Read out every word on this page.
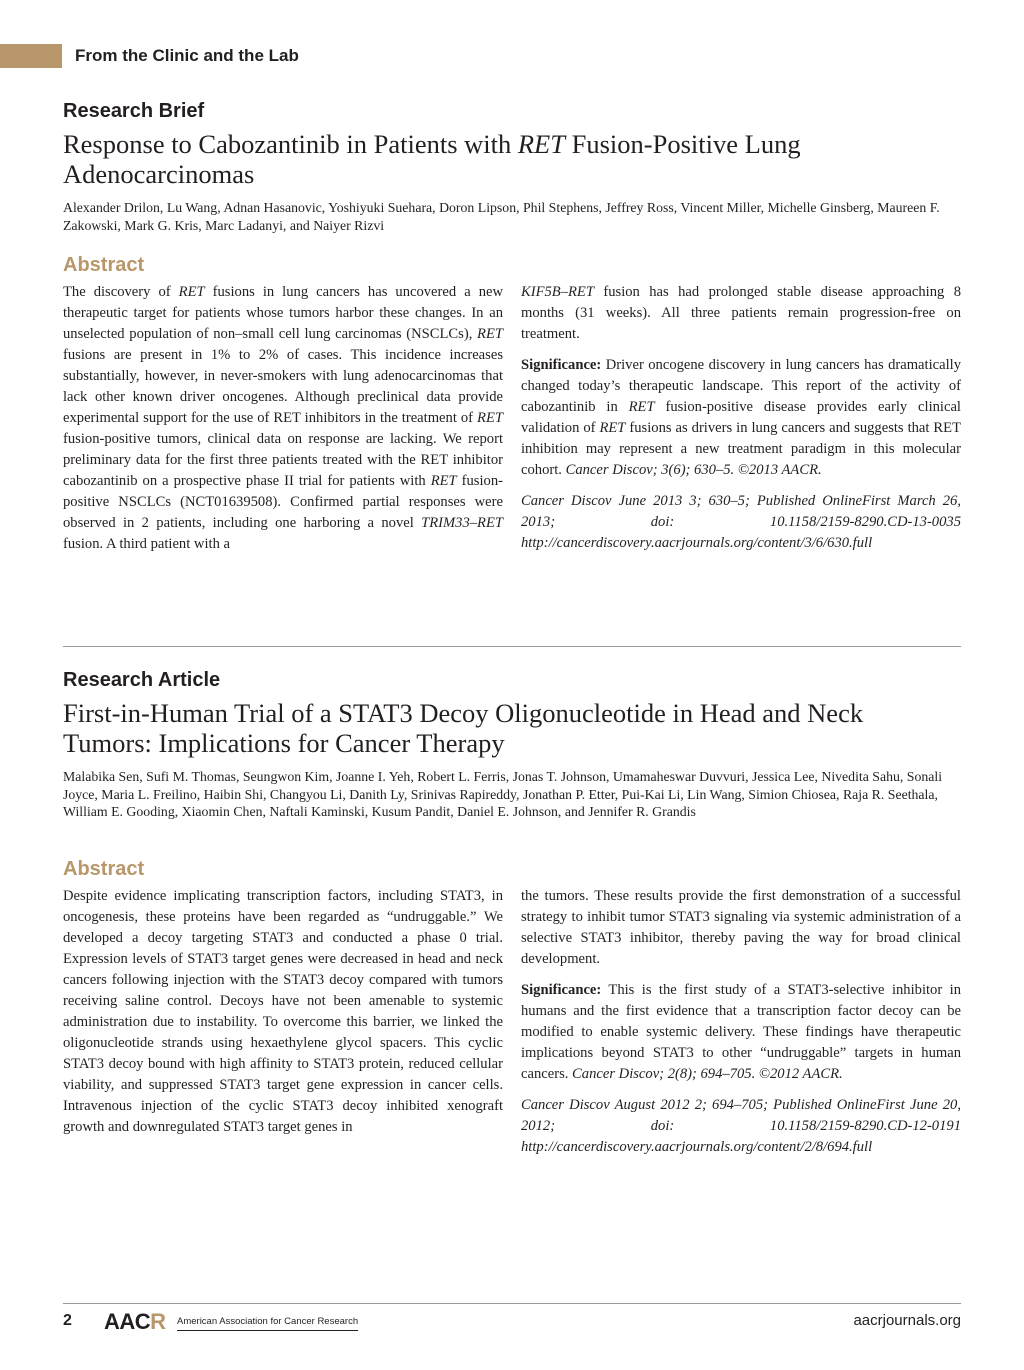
From the Clinic and the Lab
Research Brief
Response to Cabozantinib in Patients with RET Fusion-Positive Lung Adenocarcinomas
Alexander Drilon, Lu Wang, Adnan Hasanovic, Yoshiyuki Suehara, Doron Lipson, Phil Stephens, Jeffrey Ross, Vincent Miller, Michelle Ginsberg, Maureen F. Zakowski, Mark G. Kris, Marc Ladanyi, and Naiyer Rizvi
Abstract

The discovery of RET fusions in lung cancers has uncovered a new therapeutic target for patients whose tumors harbor these changes. In an unselected population of non–small cell lung carcinomas (NSCLCs), RET fusions are present in 1% to 2% of cases. This incidence increases substantially, however, in never-smokers with lung adenocarcinomas that lack other known driver oncogenes. Although preclinical data provide experimental support for the use of RET inhibitors in the treatment of RET fusion-positive tumors, clinical data on response are lacking. We report preliminary data for the first three patients treated with the RET inhibitor cabozantinib on a prospective phase II trial for patients with RET fusion-positive NSCLCs (NCT01639508). Confirmed partial responses were observed in 2 patients, including one harboring a novel TRIM33–RET fusion. A third patient with a

KIF5B–RET fusion has had prolonged stable disease approaching 8 months (31 weeks). All three patients remain progression-free on treatment.

Significance: Driver oncogene discovery in lung cancers has dramatically changed today’s therapeutic landscape. This report of the activity of cabozantinib in RET fusion-positive disease provides early clinical validation of RET fusions as drivers in lung cancers and suggests that RET inhibition may represent a new treatment paradigm in this molecular cohort. Cancer Discov; 3(6); 630–5. ©2013 AACR.

Cancer Discov June 2013 3; 630–5; Published OnlineFirst March 26, 2013; doi: 10.1158/2159-8290.CD-13-0035 http://cancerdiscovery.aacrjournals.org/content/3/6/630.full

Research Article
First-in-Human Trial of a STAT3 Decoy Oligonucleotide in Head and Neck Tumors: Implications for Cancer Therapy
Malabika Sen, Sufi M. Thomas, Seungwon Kim, Joanne I. Yeh, Robert L. Ferris, Jonas T. Johnson, Umamaheswar Duvvuri, Jessica Lee, Nivedita Sahu, Sonali Joyce, Maria L. Freilino, Haibin Shi, Changyou Li, Danith Ly, Srinivas Rapireddy, Jonathan P. Etter, Pui-Kai Li, Lin Wang, Simion Chiosea, Raja R. Seethala, William E. Gooding, Xiaomin Chen, Naftali Kaminski, Kusum Pandit, Daniel E. Johnson, and Jennifer R. Grandis
Abstract

Despite evidence implicating transcription factors, including STAT3, in oncogenesis, these proteins have been regarded as “undruggable.” We developed a decoy targeting STAT3 and conducted a phase 0 trial. Expression levels of STAT3 target genes were decreased in head and neck cancers following injection with the STAT3 decoy compared with tumors receiving saline control. Decoys have not been amenable to systemic administration due to instability. To overcome this barrier, we linked the oligonucleotide strands using hexaethylene glycol spacers. This cyclic STAT3 decoy bound with high affinity to STAT3 protein, reduced cellular viability, and suppressed STAT3 target gene expression in cancer cells. Intravenous injection of the cyclic STAT3 decoy inhibited xenograft growth and downregulated STAT3 target genes in

the tumors. These results provide the first demonstration of a successful strategy to inhibit tumor STAT3 signaling via systemic administration of a selective STAT3 inhibitor, thereby paving the way for broad clinical development.

Significance: This is the first study of a STAT3-selective inhibitor in humans and the first evidence that a transcription factor decoy can be modified to enable systemic delivery. These findings have therapeutic implications beyond STAT3 to other “undruggable” targets in human cancers. Cancer Discov; 2(8); 694–705. ©2012 AACR.

Cancer Discov August 2012 2; 694–705; Published OnlineFirst June 20, 2012; doi: 10.1158/2159-8290.CD-12-0191 http://cancerdiscovery.aacrjournals.org/content/2/8/694.full

2 AACR American Association for Cancer Research	aacrjournals.org
